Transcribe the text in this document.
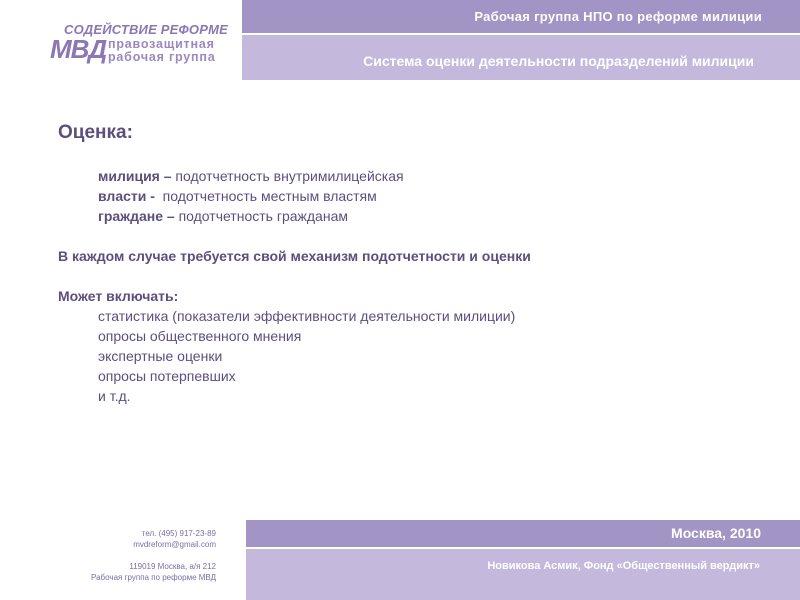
СОДЕЙСТВИЕ РЕФОРМЕ
МВД правозащитная
рабочая группа
Рабочая группа НПО по реформе милиции
Система оценки деятельности подразделений милиции
Оценка:
милиция – подотчетность внутримилицейская
власти -  подотчетность местным властям
граждане – подотчетность гражданам
В каждом случае требуется свой механизм подотчетности и оценки
Может включать:
статистика (показатели эффективности деятельности милиции)
опросы общественного мнения
экспертные оценки
опросы потерпевших
и т.д.
тел. (495) 917-23-89
mvdreform@gmail.com
119019 Москва, а/я 212
Рабочая группа по реформе МВД
Москва, 2010
Новикова Асмик, Фонд «Общественный вердикт»
